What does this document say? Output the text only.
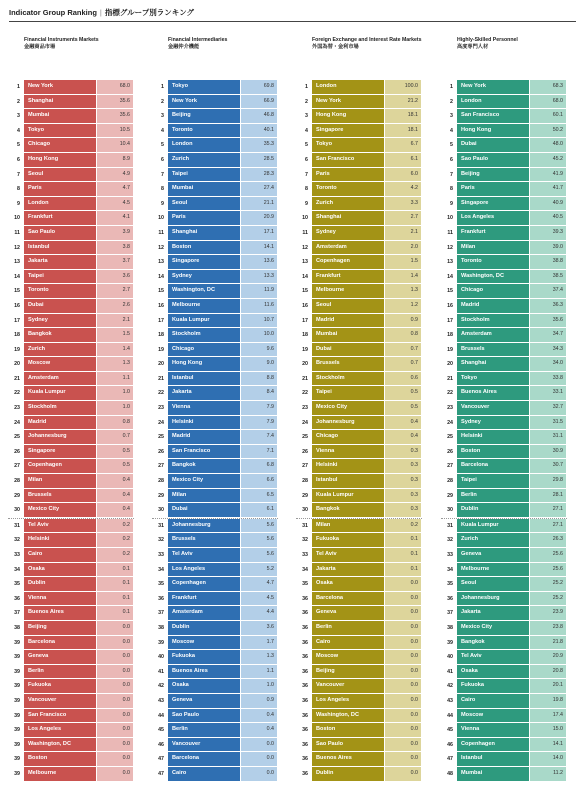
Indicator Group Ranking | 指標グループ別ランキング
Financial Instruments Markets
金融商品市場
1	New York	68.0
2	Shanghai	35.6
3	Mumbai	35.6
4	Tokyo	10.5
5	Chicago	10.4
6	Hong Kong	8.9
7	Seoul	4.9
8	Paris	4.7
9	London	4.5
10	Frankfurt	4.1
11	Sao Paulo	3.9
12	Istanbul	3.8
13	Jakarta	3.7
14	Taipei	3.6
15	Toronto	2.7
16	Dubai	2.6
17	Sydney	2.1
18	Bangkok	1.5
19	Zurich	1.4
20	Moscow	1.3
21	Amsterdam	1.1
22	Kuala Lumpur	1.0
23	Stockholm	1.0
24	Madrid	0.8
25	Johannesburg	0.7
26	Singapore	0.5
27	Copenhagen	0.5
28	Milan	0.4
29	Brussels	0.4
30	Mexico City	0.4
31	Tel Aviv	0.2
32	Helsinki	0.2
33	Cairo	0.2
34	Osaka	0.1
35	Dublin	0.1
36	Vienna	0.1
37	Buenos Aires	0.1
38	Beijing	0.0
39	Barcelona	0.0
39	Geneva	0.0
39	Berlin	0.0
39	Fukuoka	0.0
39	Vancouver	0.0
39	San Francisco	0.0
39	Los Angeles	0.0
39	Washington, DC	0.0
39	Boston	0.0
39	Melbourne	0.0
Financial Intermediaries
金融仲介機能
1	Tokyo	69.8
2	New York	66.9
3	Beijing	46.8
4	Toronto	40.1
5	London	35.3
6	Zurich	28.5
7	Taipei	28.3
8	Mumbai	27.4
9	Seoul	21.1
10	Paris	20.9
11	Shanghai	17.1
12	Boston	14.1
13	Singapore	13.6
14	Sydney	13.3
15	Washington, DC	11.9
16	Melbourne	11.6
17	Kuala Lumpur	10.7
18	Stockholm	10.0
19	Chicago	9.6
20	Hong Kong	9.0
21	Istanbul	8.8
22	Jakarta	8.4
23	Vienna	7.9
24	Helsinki	7.9
25	Madrid	7.4
26	San Francisco	7.1
27	Bangkok	6.8
28	Mexico City	6.6
29	Milan	6.5
30	Dubai	6.1
31	Johannesburg	5.6
32	Brussels	5.6
33	Tel Aviv	5.6
34	Los Angeles	5.2
35	Copenhagen	4.7
36	Frankfurt	4.5
37	Amsterdam	4.4
38	Dublin	3.6
39	Moscow	1.7
40	Fukuoka	1.3
41	Buenos Aires	1.1
42	Osaka	1.0
43	Geneva	0.9
44	Sao Paulo	0.4
45	Berlin	0.4
46	Vancouver	0.0
47	Barcelona	0.0
47	Cairo	0.0
Foreign Exchange and Interest Rate Markets
外国為替・金利市場
1	London	100.0
2	New York	21.2
3	Hong Kong	18.1
4	Singapore	18.1
5	Tokyo	6.7
6	San Francisco	6.1
7	Paris	6.0
8	Toronto	4.2
9	Zurich	3.3
10	Shanghai	2.7
11	Sydney	2.1
12	Amsterdam	2.0
13	Copenhagen	1.5
14	Frankfurt	1.4
15	Melbourne	1.3
16	Seoul	1.2
17	Madrid	0.9
18	Mumbai	0.8
19	Dubai	0.7
20	Brussels	0.7
21	Stockholm	0.6
22	Taipei	0.5
23	Mexico City	0.5
24	Johannesburg	0.4
25	Chicago	0.4
26	Vienna	0.3
27	Helsinki	0.3
28	Istanbul	0.3
29	Kuala Lumpur	0.3
30	Bangkok	0.3
31	Milan	0.2
32	Fukuoka	0.1
33	Tel Aviv	0.1
34	Jakarta	0.1
35	Osaka	0.0
36	Barcelona	0.0
36	Geneva	0.0
36	Berlin	0.0
36	Cairo	0.0
36	Moscow	0.0
36	Beijing	0.0
36	Vancouver	0.0
36	Los Angeles	0.0
36	Washington, DC	0.0
36	Boston	0.0
36	Sao Paulo	0.0
36	Buenos Aires	0.0
36	Dublin	0.0
Highly-Skilled Personnel
高度専門人材
1	New York	68.3
2	London	68.0
3	San Francisco	60.1
4	Hong Kong	50.2
5	Dubai	48.0
6	Sao Paulo	45.2
7	Beijing	41.9
8	Paris	41.7
9	Singapore	40.9
10	Los Angeles	40.5
11	Frankfurt	39.3
12	Milan	39.0
13	Toronto	38.8
14	Washington, DC	38.5
15	Chicago	37.4
16	Madrid	36.3
17	Stockholm	35.6
18	Amsterdam	34.7
19	Brussels	34.3
20	Shanghai	34.0
21	Tokyo	33.8
22	Buenos Aires	33.1
23	Vancouver	32.7
24	Sydney	31.5
25	Helsinki	31.1
26	Boston	30.9
27	Barcelona	30.7
28	Taipei	29.8
29	Berlin	28.1
30	Dublin	27.1
31	Kuala Lumpur	27.1
32	Zurich	26.3
33	Geneva	25.6
34	Melbourne	25.6
35	Seoul	25.2
36	Johannesburg	25.2
37	Jakarta	23.9
38	Mexico City	23.8
39	Bangkok	21.8
40	Tel Aviv	20.9
41	Osaka	20.8
42	Fukuoka	20.1
43	Cairo	19.8
44	Moscow	17.4
45	Vienna	15.0
46	Copenhagen	14.1
47	Istanbul	14.0
48	Mumbai	11.2
